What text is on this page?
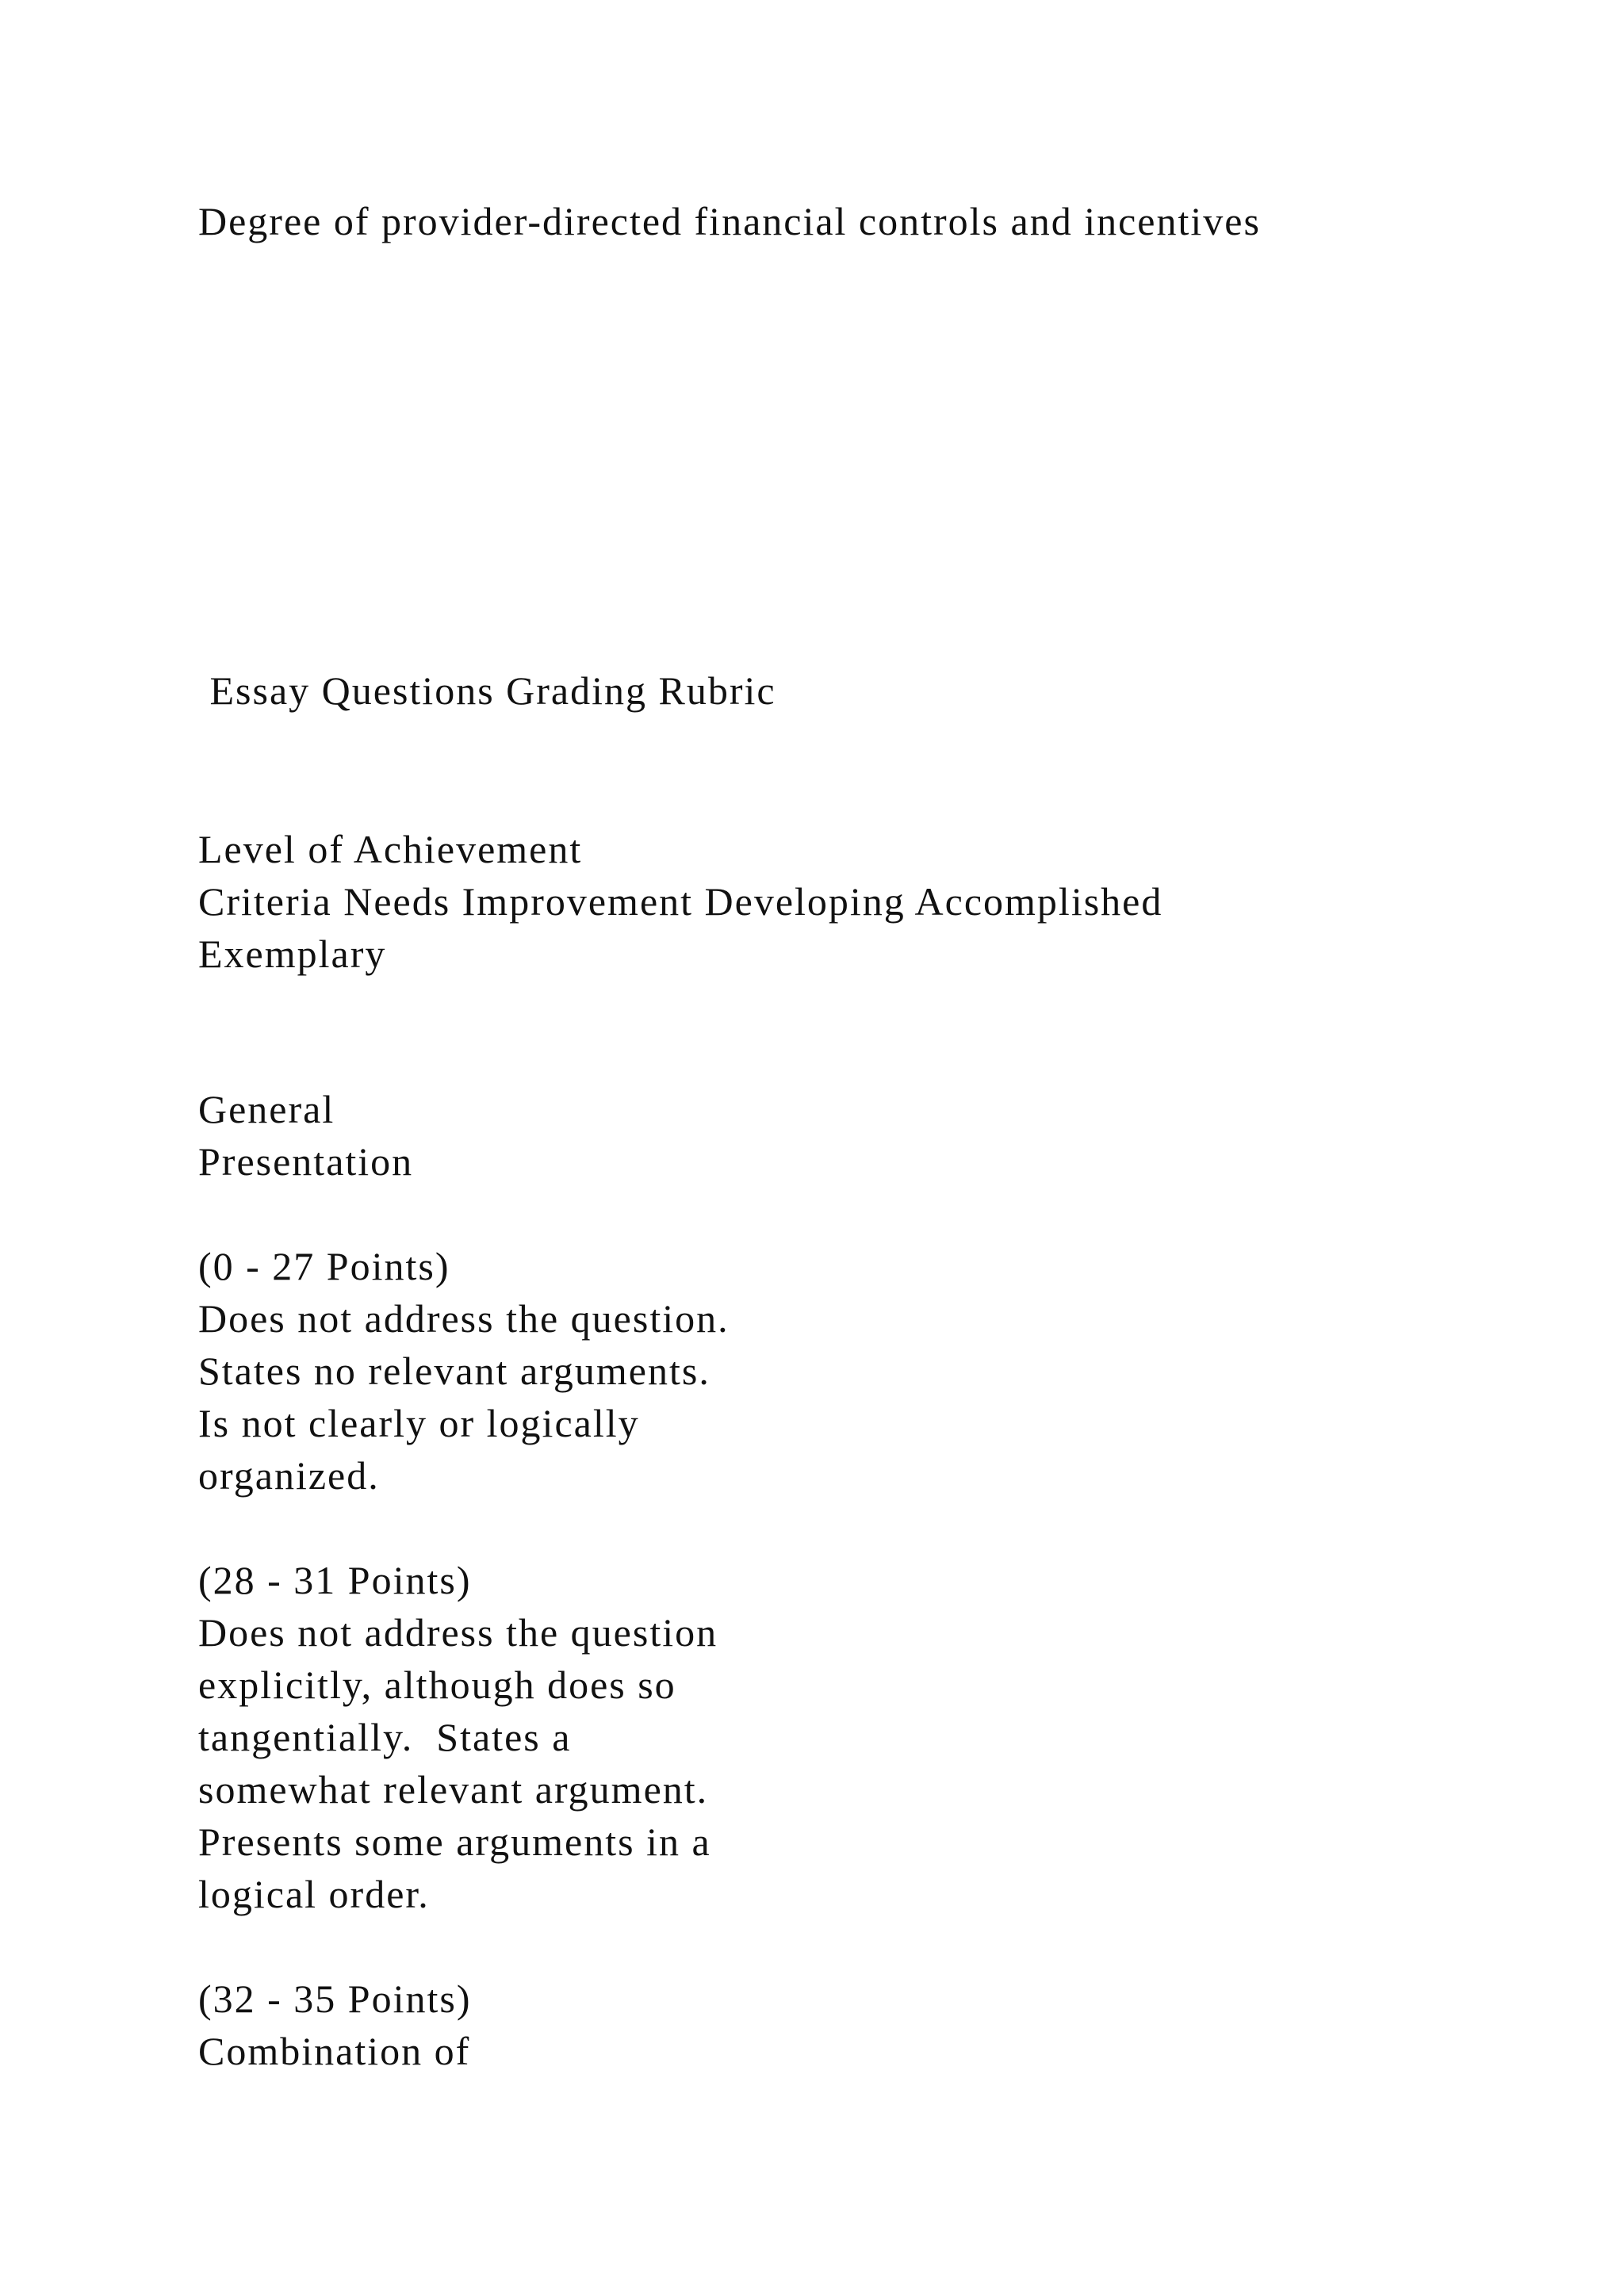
Degree of provider-directed financial controls and incentives
Essay Questions Grading Rubric
Level of Achievement
Criteria Needs Improvement Developing Accomplished
Exemplary
General
Presentation
(0 - 27 Points)
Does not address the question.
States no relevant arguments.
Is not clearly or logically
organized.
(28 - 31 Points)
Does not address the question
explicitly, although does so
tangentially.  States a
somewhat relevant argument.
Presents some arguments in a
logical order.
(32 - 35 Points)
Combination of
